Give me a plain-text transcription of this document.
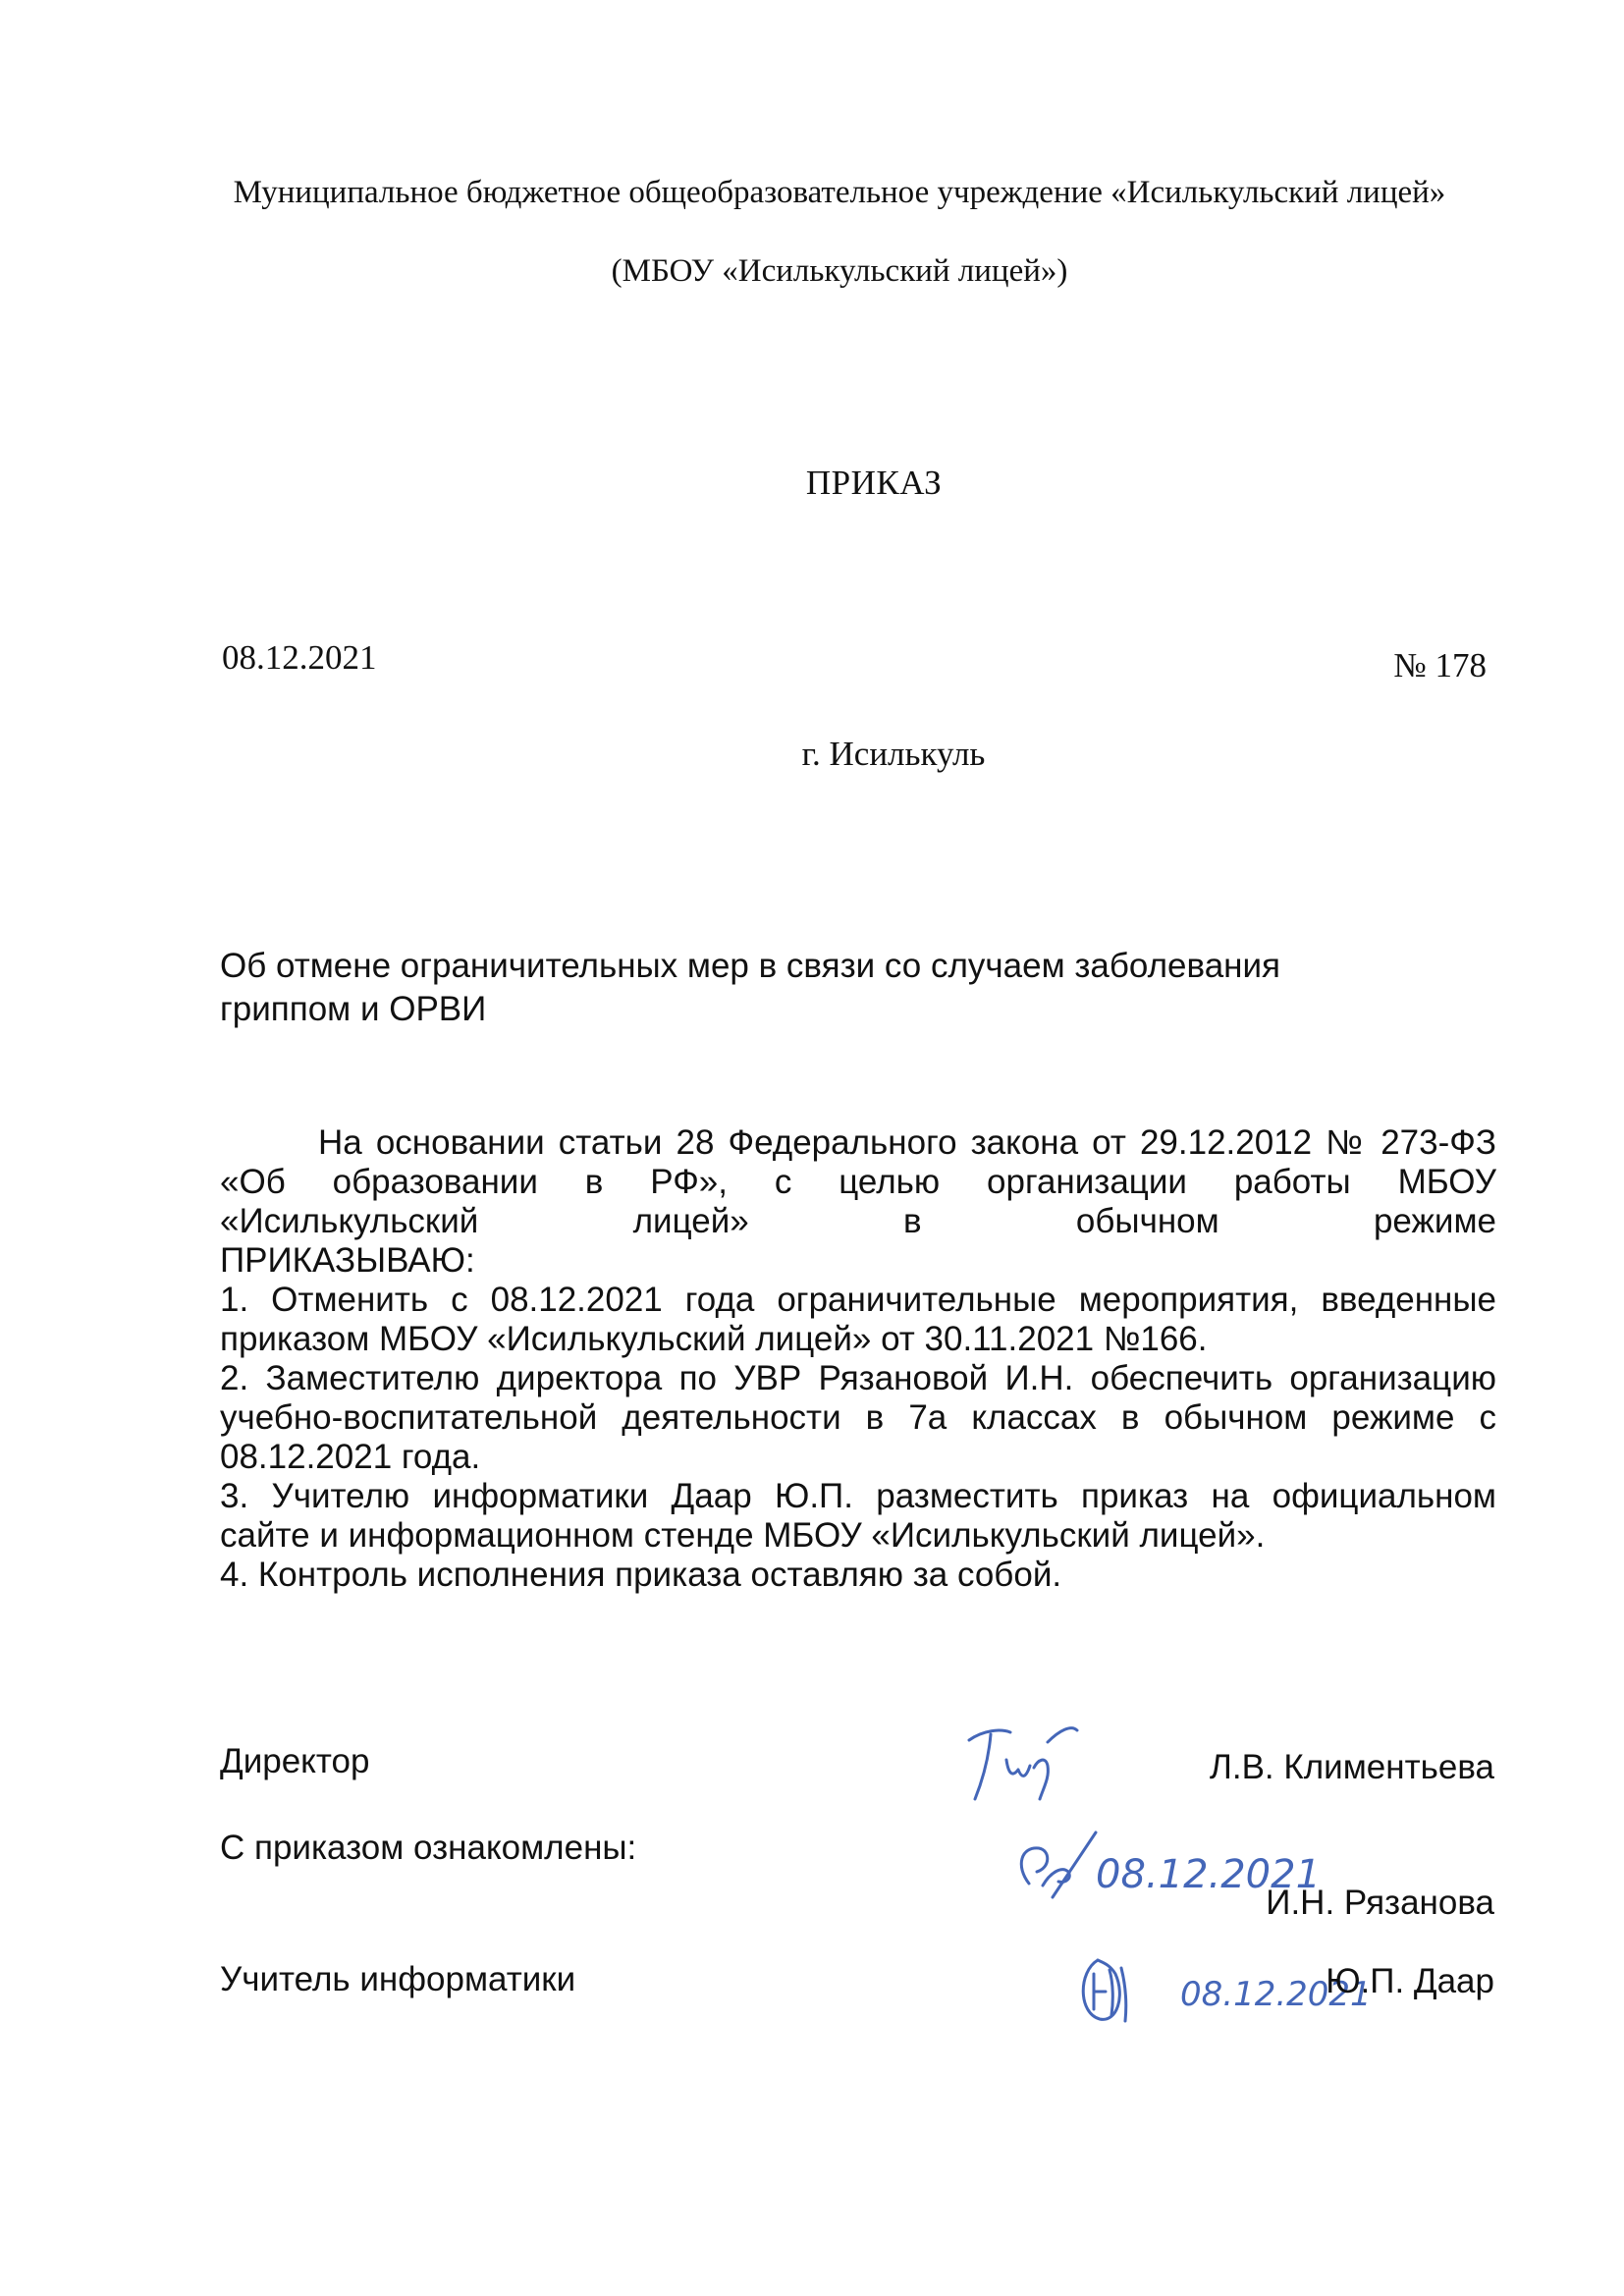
Муниципальное бюджетное общеобразовательное учреждение «Исилькульский лицей»
(МБОУ «Исилькульский лицей»)
ПРИКАЗ
08.12.2021	№ 178
г. Исилькуль
Об отмене ограничительных мер в связи со случаем заболевания
гриппом и ОРВИ

На основании статьи 28 Федерального закона от 29.12.2012 № 273-ФЗ

«Об образовании в РФ», с целью организации работы МБОУ

«Исилькульский лицей» в обычном режиме

ПРИКАЗЫВАЮ:

1. Отменить с 08.12.2021 года ограничительные мероприятия, введенные

приказом МБОУ «Исилькульский лицей» от 30.11.2021 №166.

2. Заместителю директора по УВР Рязановой И.Н. обеспечить организацию

учебно-воспитательной деятельности в 7а классах в обычном режиме с

08.12.2021 года.

3. Учителю информатики Даар Ю.П. разместить приказ на официальном

сайте и информационном стенде МБОУ «Исилькульский лицей».

4. Контроль исполнения приказа оставляю за собой.

Директор	Л.В. Климентьева
С приказом ознакомлены:
08.12.2021
И.Н. Рязанова
Учитель информатики	08.12.2021
Ю.П. Даар
